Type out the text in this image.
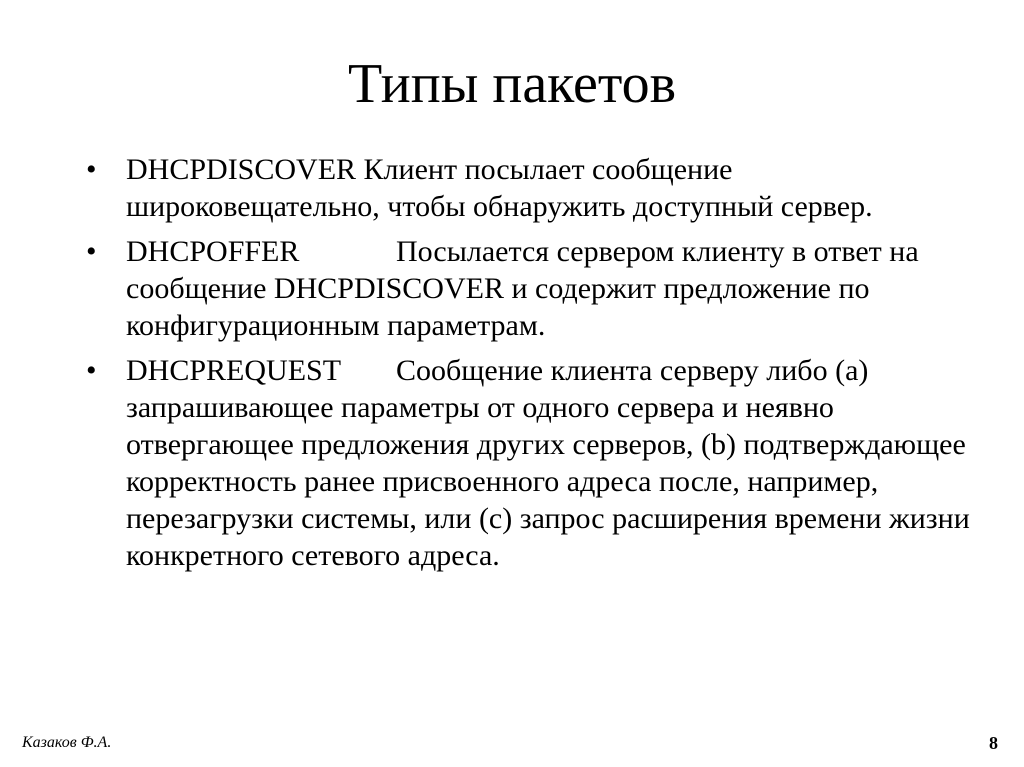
Типы пакетов
• DHCPDISCOVER Клиент посылает сообщение широковещательно, чтобы обнаружить доступный сервер.
• DHCPOFFER	Посылается сервером клиенту в ответ на сообщение DHCPDISCOVER и содержит предложение по конфигурационным параметрам.
• DHCPREQUEST Сообщение клиента серверу либо (a) запрашивающее параметры от одного сервера и неявно отвергающее предложения других серверов, (b) подтверждающее корректность ранее присвоенного адреса после, например, перезагрузки системы, или (c) запрос расширения времени жизни конкретного сетевого адреса.
Казаков Ф.А.	8
